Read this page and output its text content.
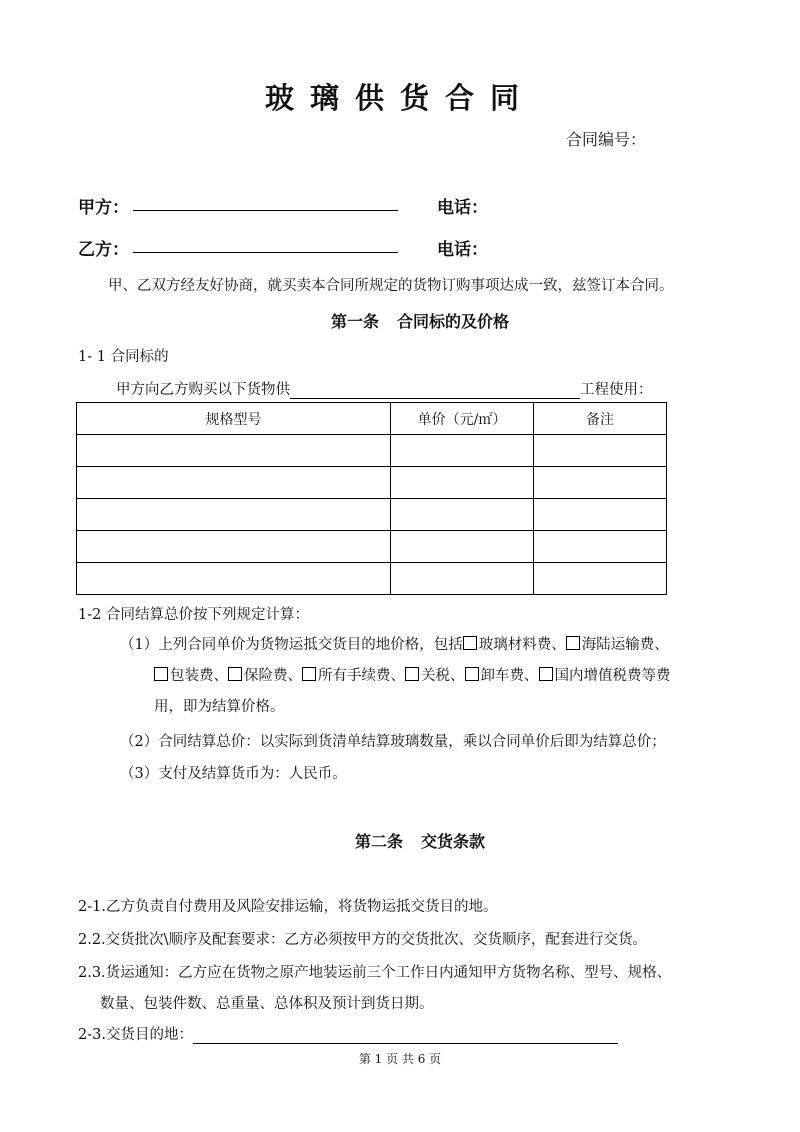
玻璃供货合同
合同编号：
甲方：	电话：
乙方：	电话：
甲、乙双方经友好协商，就买卖本合同所规定的货物订购事项达成一致，兹签订本合同。
第一条 合同标的及价格
1- 1 合同标的
甲方向乙方购买以下货物供	工程使用：
规格型号	单价（元/㎡）	备注

1-2 合同结算总价按下列规定计算：
（1）上列合同单价为货物运抵交货目的地价格，包括 玻璃材料费、 海陆运输费、
包装费、 保险费、 所有手续费、 关税、 卸车费、 国内增值税费等费
用，即为结算价格。
（2）合同结算总价：以实际到货清单结算玻璃数量，乘以合同单价后即为结算总价；
（3）支付及结算货币为：人民币。
第二条 交货条款
2-1.乙方负责自付费用及风险安排运输，将货物运抵交货目的地。
2.2.交货批次\顺序及配套要求：乙方必须按甲方的交货批次、交货顺序，配套进行交货。
2.3.货运通知：乙方应在货物之原产地装运前三个工作日内通知甲方货物名称、型号、规格、
数量、包装件数、总重量、总体积及预计到货日期。
2-3.交货目的地：
第 1 页 共 6 页
